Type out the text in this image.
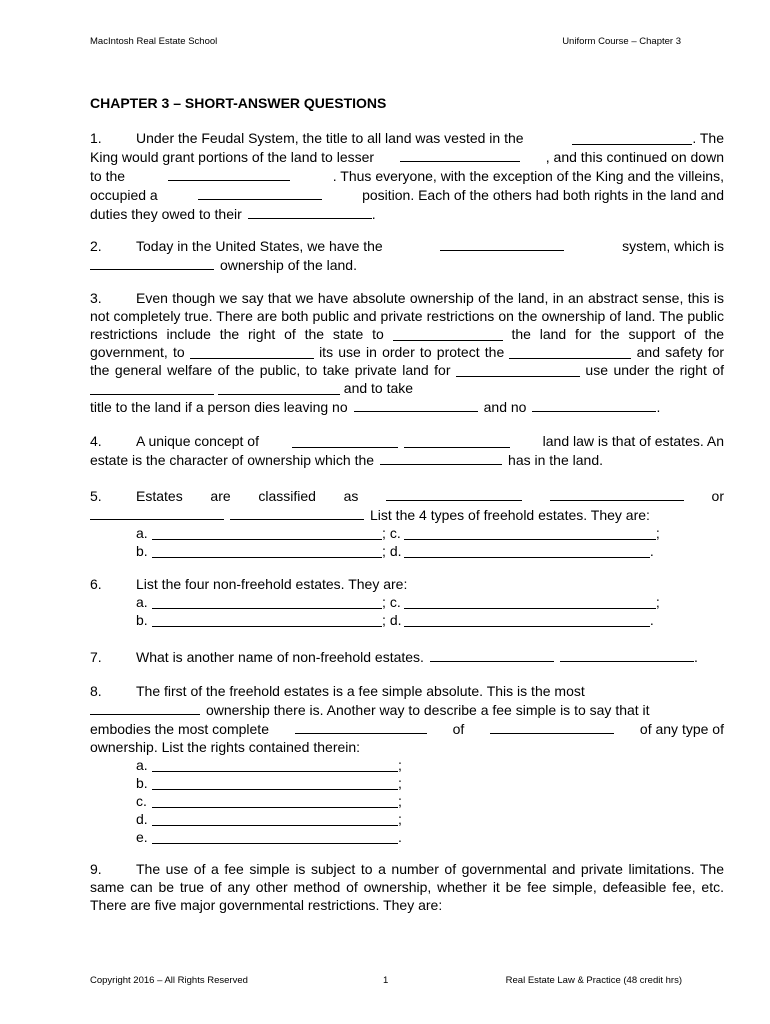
MacIntosh Real Estate School	Uniform Course – Chapter 3
CHAPTER 3 – SHORT-ANSWER QUESTIONS
1. Under the Feudal System, the title to all land was vested in the	. The
King would grant portions of the land to lesser	, and this continued on down
to the	. Thus everyone, with the exception of the King and the villeins,
occupied a	position. Each of the others had both rights in the land and
duties they owed to their	.
2. Today in the United States, we have the	system, which is
ownership of the land.

3. Even though we say that we have absolute ownership of the land, in an abstract sense, this is not completely true. There are both public and private restrictions on the ownership of land. The public restrictions include the right of the state to	the land for the support of the government, to	its use in order to protect the	and safety for the general welfare of the public, to take private land for	use under the right of   and to take

title to the land if a person dies leaving no	and no	.
4. A unique concept of	land law is that of estates. An
estate is the character of ownership which the	has in the land.
5. Estates are classified as	or
List the 4 types of freehold estates. They are:
a.	; c.	;
b.	; d.	.
6.	List the four non-freehold estates. They are:
a.	; c.	;
b.	; d.	.
7.	What is another name of non-freehold estates.	.
8. The first of the freehold estates is a fee simple absolute. This is the most
ownership there is. Another way to describe a fee simple is to say that it
embodies the most complete	of	of any type of
ownership. List the rights contained therein:
a.	;
b.	;
c.	;
d.	;
e.	.

9. The use of a fee simple is subject to a number of governmental and private limitations. The same can be true of any other method of ownership, whether it be fee simple, defeasible fee, etc. There are five major governmental restrictions. They are:

Copyright 2016 – All Rights Reserved	1	Real Estate Law & Practice (48 credit hrs)
